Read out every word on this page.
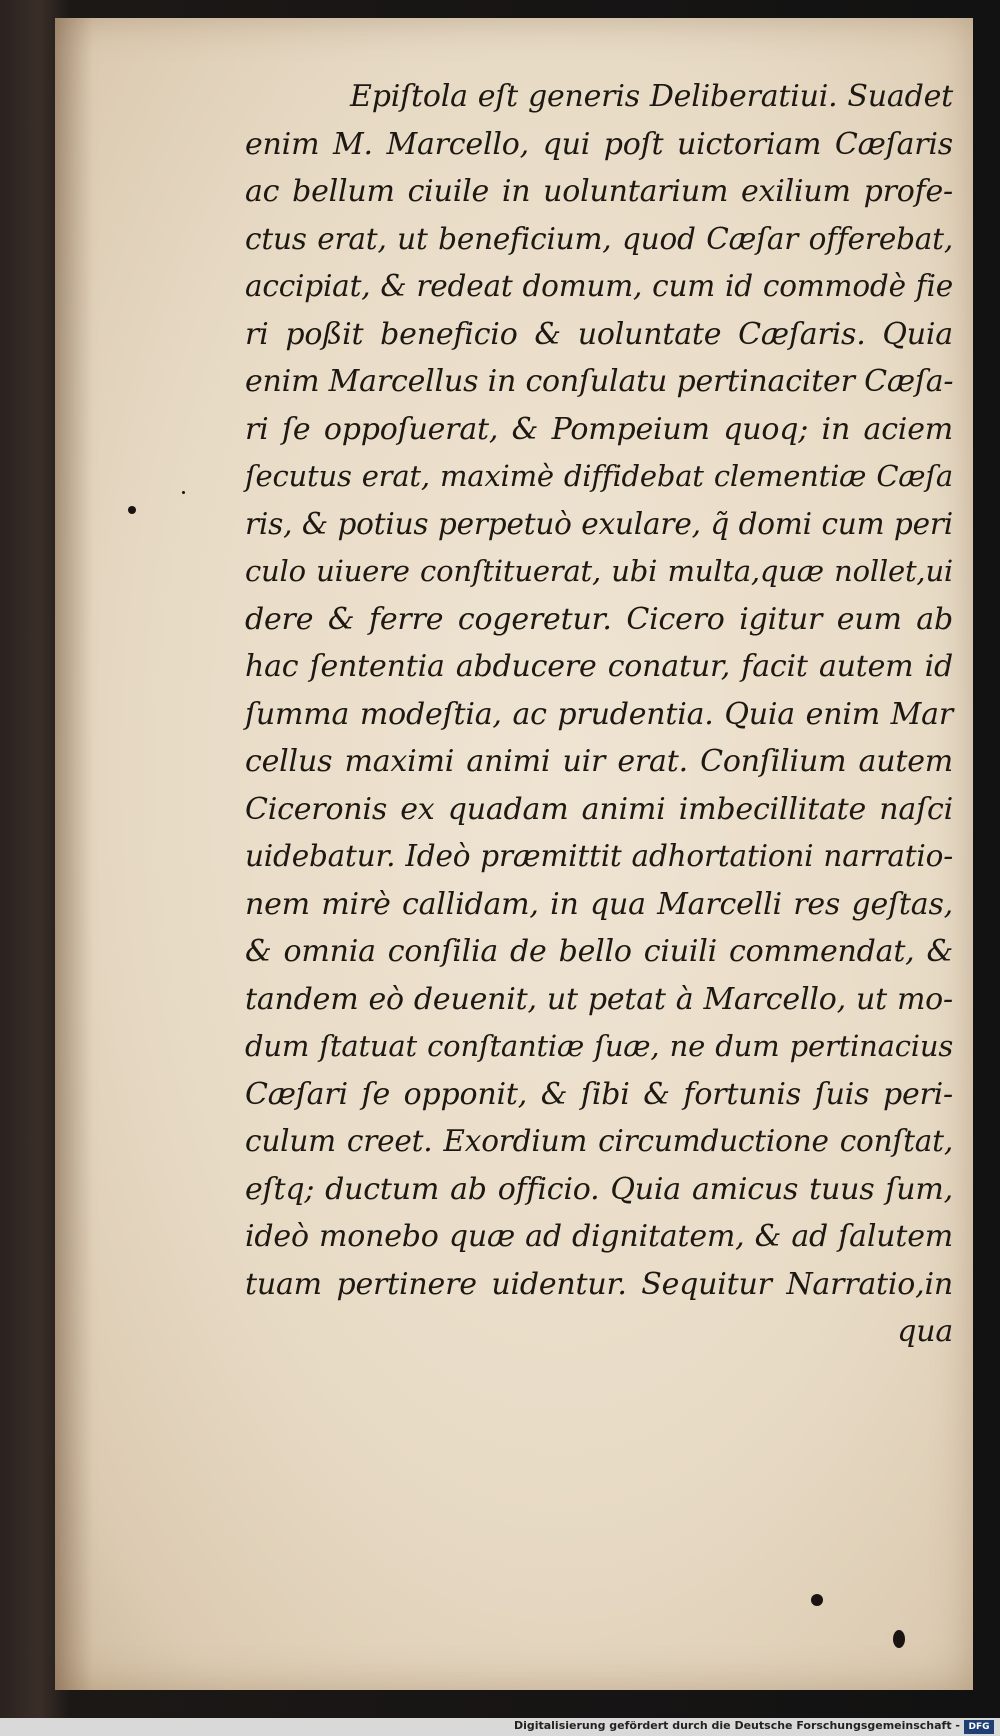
Epiſtola eſt generis Deliberatiui. Suadet
enim M. Marcello, qui poſt uictoriam Cæſaris
ac bellum ciuile in uoluntarium exilium profe-
ctus erat, ut beneficium, quod Cæſar offerebat,
accipiat, & redeat domum, cum id commodè fie
ri poßit beneficio & uoluntate Cæſaris. Quia
enim Marcellus in conſulatu pertinaciter Cæſa-
ri ſe oppoſuerat, & Pompeium quoq; in aciem
ſecutus erat, maximè diffidebat clementiæ Cæſa
ris, & potius perpetuò exulare, q̃ domi cum peri
culo uiuere conſtituerat, ubi multa,quæ nollet,ui
dere & ferre cogeretur. Cicero igitur eum ab
hac ſententia abducere conatur, facit autem id
ſumma modeſtia, ac prudentia. Quia enim Mar
cellus maximi animi uir erat. Conſilium autem
Ciceronis ex quadam animi imbecillitate naſci
uidebatur. Ideò præmittit adhortationi narratio-
nem mirè callidam, in qua Marcelli res geſtas,
& omnia conſilia de bello ciuili commendat, &
tandem eò deuenit, ut petat à Marcello, ut mo-
dum ſtatuat conſtantiæ ſuæ, ne dum pertinacius
Cæſari ſe opponit, & ſibi & fortunis ſuis peri-
culum creet. Exordium circumductione conſtat,
eſtq; ductum ab officio. Quia amicus tuus ſum,
ideò monebo quæ ad dignitatem, & ad ſalutem
tuam pertinere uidentur. Sequitur Narratio,in
qua
Digitalisierung gefördert durch die Deutsche Forschungsgemeinschaft - DFG
